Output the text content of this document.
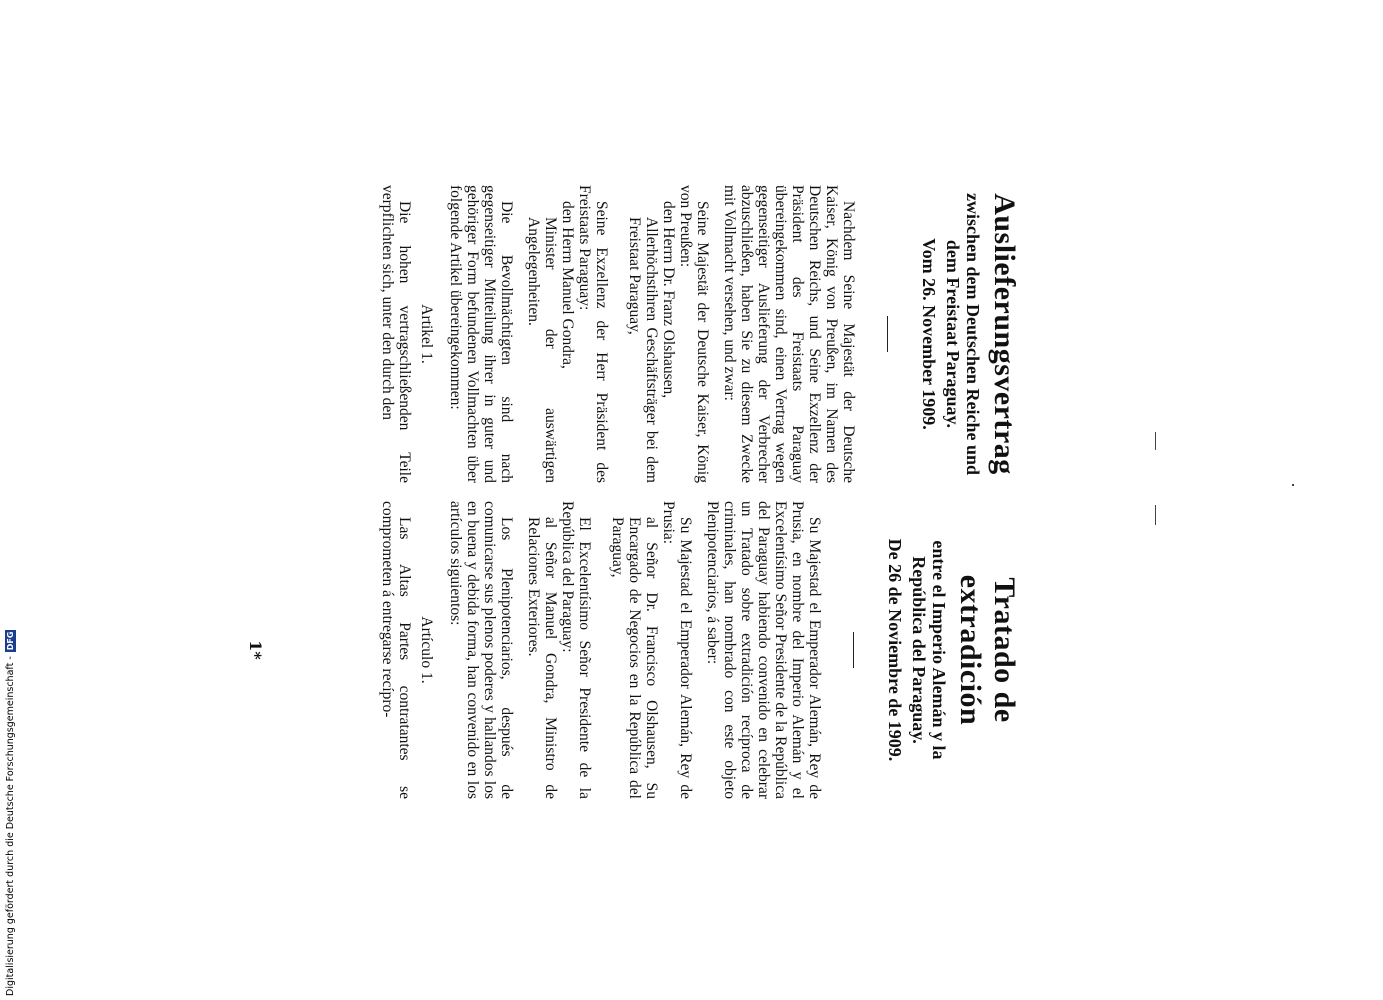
Auslieferungsvertrag
zwischen dem Deutschen Reiche und dem Freistaat Paraguay.
Vom 26. November 1909.

Nachdem Seine Majestät der Deutsche Kaiser, König von Preußen, im Namen des Deutschen Reichs, und Seine Exzellenz der Präsident des Freistaats Paraguay übereingekommen sind, einen Vertrag wegen gegenseitiger Auslieferung der Verbrecher abzuschließen, haben Sie zu diesem Zwecke mit Vollmacht versehen, und zwar:

Seine Majestät der Deutsche Kaiser, König von Preußen:

den Herrn Dr. Franz Olshausen,

Allerhöchstihren Geschäftsträger bei dem Freistaat Paraguay,

Seine Exzellenz der Herr Präsident des Freistaats Paraguay:

den Herrn Manuel Gondra,

Minister der auswärtigen Angelegenheiten.

Die Bevollmächtigten sind nach gegenseitiger Mitteilung ihrer in guter und gehöriger Form befundenen Vollmachten über folgende Artikel übereingekommen:

Artikel 1.

Die hohen vertragschließenden Teile verpflichten sich, unter den durch den

Tratado de extradición
entre el Imperio Alemán y la República del Paraguay.
De 26 de Noviembre de 1909.

Su Majestad el Emperador Alemán, Rey de Prusia, en nombre del Imperio Alemán y el Excelentísimo Señor Presidente de la República del Paraguay habiendo convenido en celebrar un Tratado sobre extradición recíproca de criminales, han nombrado con este objeto Plenipotenciarios, á saber:

Su Majestad el Emperador Alemán, Rey de Prusia:

al Señor Dr. Francisco Olshausen, Su Encargado de Negocios en la República del Paraguay,

El Excelentísimo Señor Presidente de la República del Paraguay:

al Señor Manuel Gondra, Ministro de Relaciones Exteriores.

Los Plenipotenciarios, después de comunicarse sus plenos poderes y hallandos los en buena y debida forma, han convenido en los artículos siguientos:

Artículo 1.

Las Altas Partes contratantes se comprometen á entregarse recípro-

1*
Digitalisierung gefördert durch die Deutsche Forschungsgemeinschaft -
DFG
